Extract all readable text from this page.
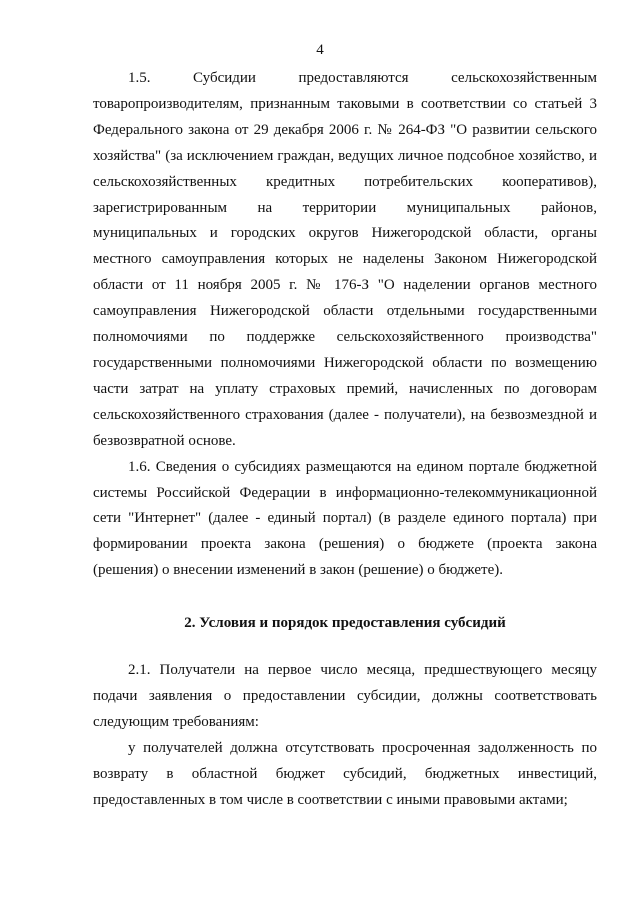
4

1.5. Субсидии предоставляются сельскохозяйственным товаропроизводителям, признанным таковыми в соответствии со статьей 3 Федерального закона от 29 декабря 2006 г. № 264-ФЗ "О развитии сельского хозяйства" (за исключением граждан, ведущих личное подсобное хозяйство, и сельскохозяйственных кредитных потребительских кооперативов), зарегистрированным на территории муниципальных районов, муниципальных и городских округов Нижегородской области, органы местного самоуправления которых не наделены Законом Нижегородской области от 11 ноября 2005 г. № 176-З "О наделении органов местного самоуправления Нижегородской области отдельными государственными полномочиями по поддержке сельскохозяйственного производства" государственными полномочиями Нижегородской области по возмещению части затрат на уплату страховых премий, начисленных по договорам сельскохозяйственного страхования (далее - получатели), на безвозмездной и безвозвратной основе.

1.6. Сведения о субсидиях размещаются на едином портале бюджетной системы Российской Федерации в информационно-телекоммуникационной сети "Интернет" (далее - единый портал) (в разделе единого портала) при формировании проекта закона (решения) о бюджете (проекта закона (решения) о внесении изменений в закон (решение) о бюджете).

2. Условия и порядок предоставления субсидий

2.1. Получатели на первое число месяца, предшествующего месяцу подачи заявления о предоставлении субсидии, должны соответствовать следующим требованиям:

у получателей должна отсутствовать просроченная задолженность по возврату в областной бюджет субсидий, бюджетных инвестиций, предоставленных в том числе в соответствии с иными правовыми актами;
